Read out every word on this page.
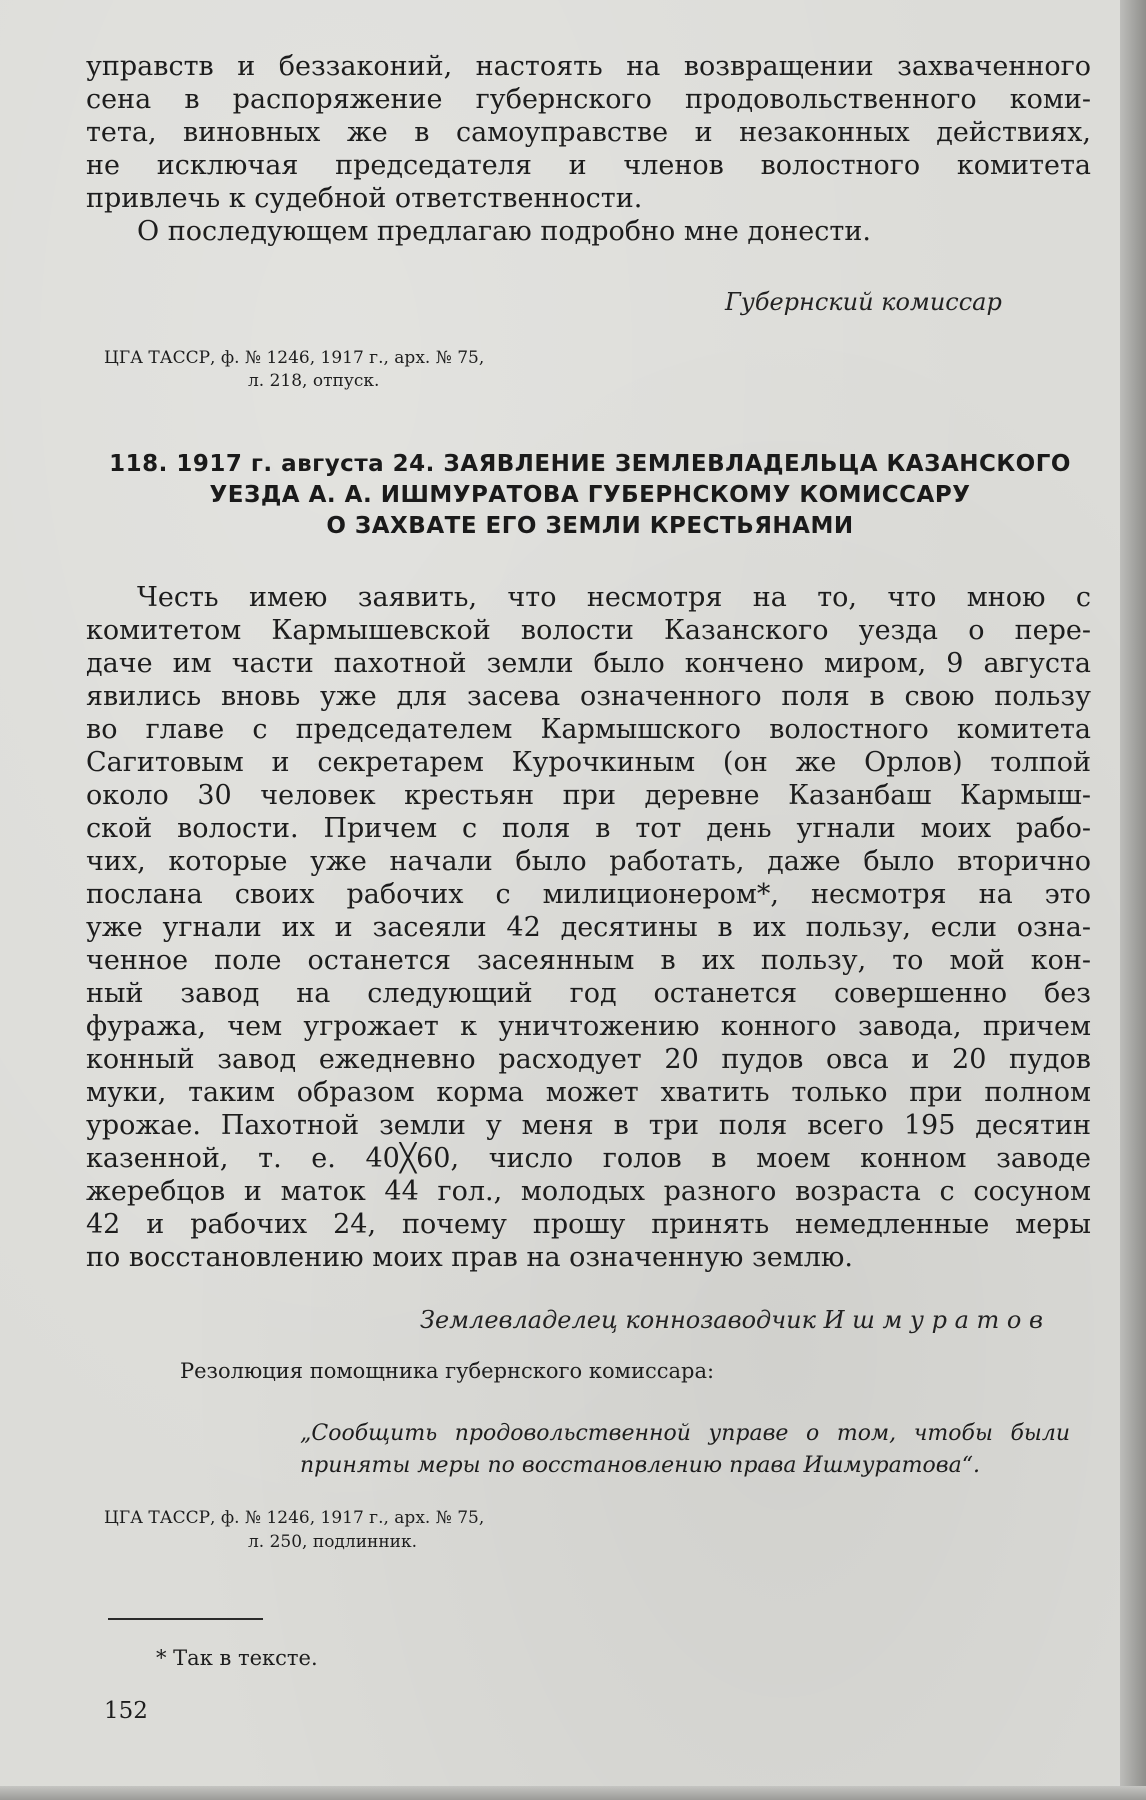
управств и беззаконий, настоять на возвращении захваченного

сена в распоряжение губернского продовольственного коми-

тета, виновных же в самоуправстве и незаконных действиях,

не исключая председателя и членов волостного комитета

привлечь к судебной ответственности.

О последующем предлагаю подробно мне донести.

Губернский комиссар

ЦГА ТАССР, ф. № 1246, 1917 г., арх. № 75,

л. 218, отпуск.

118. 1917 г. августа 24. ЗАЯВЛЕНИЕ ЗЕМЛЕВЛАДЕЛЬЦА КАЗАНСКОГО

УЕЗДА А. А. ИШМУРАТОВА ГУБЕРНСКОМУ КОМИССАРУ

О ЗАХВАТЕ ЕГО ЗЕМЛИ КРЕСТЬЯНАМИ

Честь имею заявить, что несмотря на то, что мною с

комитетом Кармышевской волости Казанского уезда о пере-

даче им части пахотной земли было кончено миром, 9 августа

явились вновь уже для засева означенного поля в свою пользу

во главе с председателем Кармышского волостного комитета

Сагитовым и секретарем Курочкиным (он же Орлов) толпой

около 30 человек крестьян при деревне Казанбаш Кармыш-

ской волости. Причем с поля в тот день угнали моих рабо-

чих, которые уже начали было работать, даже было вторично

послана своих рабочих с милиционером*, несмотря на это

уже угнали их и засеяли 42 десятины в их пользу, если озна-

ченное поле останется засеянным в их пользу, то мой кон-

ный завод на следующий год останется совершенно без

фуража, чем угрожает к уничтожению конного завода, причем

конный завод ежедневно расходует 20 пудов овса и 20 пудов

муки, таким образом корма может хватить только при полном

урожае. Пахотной земли у меня в три поля всего 195 десятин

казенной, т. е. 40╳60, число голов в моем конном заводе

жеребцов и маток 44 гол., молодых разного возраста с сосуном

42 и рабочих 24, почему прошу принять немедленные меры

по восстановлению моих прав на означенную землю.

Землевладелец коннозаводчик И ш м у р а т о в

Резолюция помощника губернского комиссара:

„Сообщить продовольственной управе о том, чтобы были

приняты меры по восстановлению права Ишмуратова“.

ЦГА ТАССР, ф. № 1246, 1917 г., арх. № 75,

л. 250, подлинник.

* Так в тексте.

152
